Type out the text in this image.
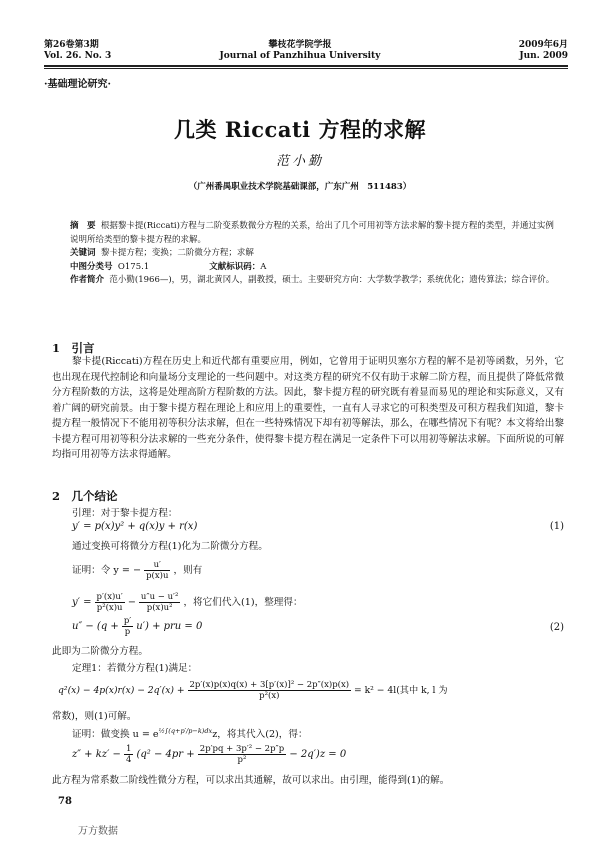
第26卷第3期
Vol. 26. No. 3
攀枝花学院学报
Journal of Panzhihua University
2009年6月
Jun. 2009
·基础理论研究·
几类 Riccati 方程的求解
范小勤
（广州番禺职业技术学院基础课部，广东广州　511483）
摘　要 根据黎卡提(Riccati)方程与二阶变系数微分方程的关系，给出了几个可用初等方法求解的黎卡提方程的类型，并通过实例说明所给类型的黎卡提方程的求解。
关键词 黎卡提方程；变换；二阶微分方程；求解
中图分类号 O175.1	文献标识码：A
作者简介 范小勤(1966—)，男，湖北黄冈人，副教授，硕士。主要研究方向：大学数学教学；系统优化；遗传算法；综合评价。
1　引言
黎卡提(Riccati)方程在历史上和近代都有重要应用，例如，它曾用于证明贝塞尔方程的解不是初等函数，另外，它也出现在现代控制论和向量场分支理论的一些问题中。对这类方程的研究不仅有助于求解二阶方程，而且提供了降低常微分方程阶数的方法，这将是处理高阶方程阶数的方法。因此，黎卡提方程的研究既有着显而易见的理论和实际意义，又有着广阔的研究前景。由于黎卡提方程在理论上和应用上的重要性，一直有人寻求它的可积类型及可积方程我们知道，黎卡提方程一般情况下不能用初等积分法求解，但在一些特殊情况下却有初等解法，那么，在哪些情况下有呢？本文将给出黎卡提方程可用初等积分法求解的一些充分条件，使得黎卡提方程在满足一定条件下可以用初等解法求解。下面所说的可解均指可用初等方法求得通解。
2　几个结论
引理：对于黎卡提方程：
y′ = p(x)y² + q(x)y + r(x)	(1)
通过变换可将微分方程(1)化为二阶微分方程。
证明：令 y = − $\frac{u'}{p(x)u}$ ，则有
$y' = \frac{p'(x)u'}{\text{p²(x)u}} - \frac{\text{u″u − u′²}}{\text{p(x)u²}}$ ，将它们代入(1)，整理得：
$u'' - (q + \frac{p'}{p} u')$ + pru = 0	(2)
此即为二阶微分方程。
定理1：若微分方程(1)满足：
$q^2(x) - 4p(x)r(x) - 2q'(x) + \frac{\text{2p′(x)p(x)q(x) + 3[p′(x)]² − 2p″(x)p(x)}}{\text{p²(x)}} = k^2 - 4l$(其中 k, l 为
常数)，则(1)可解。
证明：做变换 $u = e^{\frac{1}{2}\int(q+p'/p-k)dx}z$，将其代入(2)，得：
$z'' + kz' - \frac{1}{4} (q^2 - 4pr + \frac{\text{2p′pq + 3p′² − 2p″p}}{\text{p²}} - 2q')z = 0$
此方程为常系数二阶线性微分方程，可以求出其通解，故可以求出。由引理，能得到(1)的解。
78
万方数据
